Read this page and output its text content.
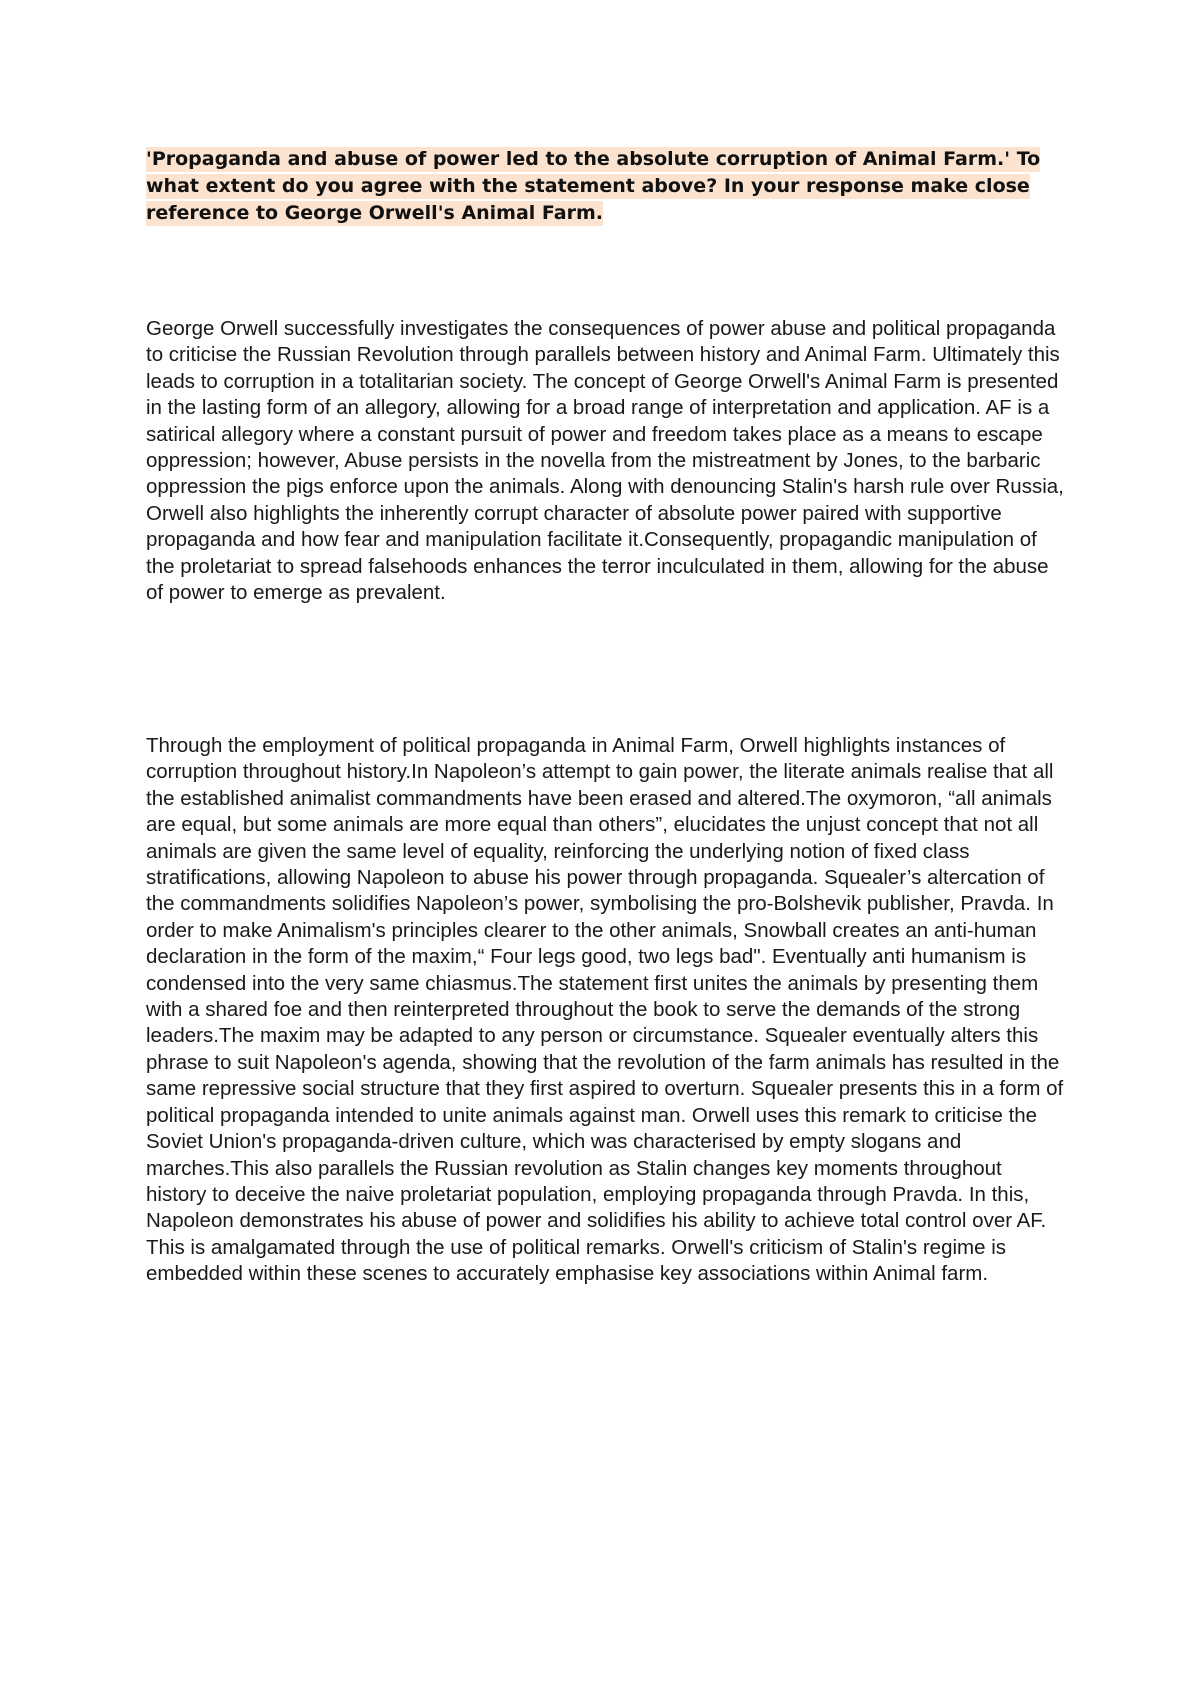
'Propaganda and abuse of power led to the absolute corruption of Animal Farm.' To what extent do you agree with the statement above? In your response make close reference to George Orwell's Animal Farm.

George Orwell successfully investigates the consequences of power abuse and political propaganda to criticise the Russian Revolution through parallels between history and Animal Farm. Ultimately this leads to corruption in a totalitarian society. The concept of George Orwell's Animal Farm is presented in the lasting form of an allegory, allowing for a broad range of interpretation and application. AF is a satirical allegory where a constant pursuit of power and freedom takes place as a means to escape oppression; however, Abuse persists in the novella from the mistreatment by Jones, to the barbaric oppression the pigs enforce upon the animals. Along with denouncing Stalin's harsh rule over Russia, Orwell also highlights the inherently corrupt character of absolute power paired with supportive propaganda and how fear and manipulation facilitate it.Consequently, propagandic manipulation of the proletariat to spread falsehoods enhances the terror inculculated in them, allowing for the abuse of power to emerge as prevalent.

Through the employment of political propaganda in Animal Farm, Orwell highlights instances of corruption throughout history.In Napoleon’s attempt to gain power, the literate animals realise that all the established animalist commandments have been erased and altered.The oxymoron, “all animals are equal, but some animals are more equal than others”, elucidates the unjust concept that not all animals are given the same level of equality, reinforcing the underlying notion of fixed class stratifications, allowing Napoleon to abuse his power through propaganda. Squealer’s altercation of the commandments solidifies Napoleon’s power, symbolising the pro-Bolshevik publisher, Pravda. In order to make Animalism's principles clearer to the other animals, Snowball creates an anti-human declaration in the form of the maxim,“ Four legs good, two legs bad". Eventually anti humanism is condensed into the very same chiasmus.The statement first unites the animals by presenting them with a shared foe and then reinterpreted throughout the book to serve the demands of the strong leaders.The maxim may be adapted to any person or circumstance. Squealer eventually alters this phrase to suit Napoleon's agenda, showing that the revolution of the farm animals has resulted in the same repressive social structure that they first aspired to overturn. Squealer presents this in a form of political propaganda intended to unite animals against man. Orwell uses this remark to criticise the Soviet Union's propaganda-driven culture, which was characterised by empty slogans and marches.This also parallels the Russian revolution as Stalin changes key moments throughout history to deceive the naive proletariat population, employing propaganda through Pravda. In this, Napoleon demonstrates his abuse of power and solidifies his ability to achieve total control over AF. This is amalgamated through the use of political remarks. Orwell's criticism of Stalin's regime is embedded within these scenes to accurately emphasise key associations within Animal farm.
